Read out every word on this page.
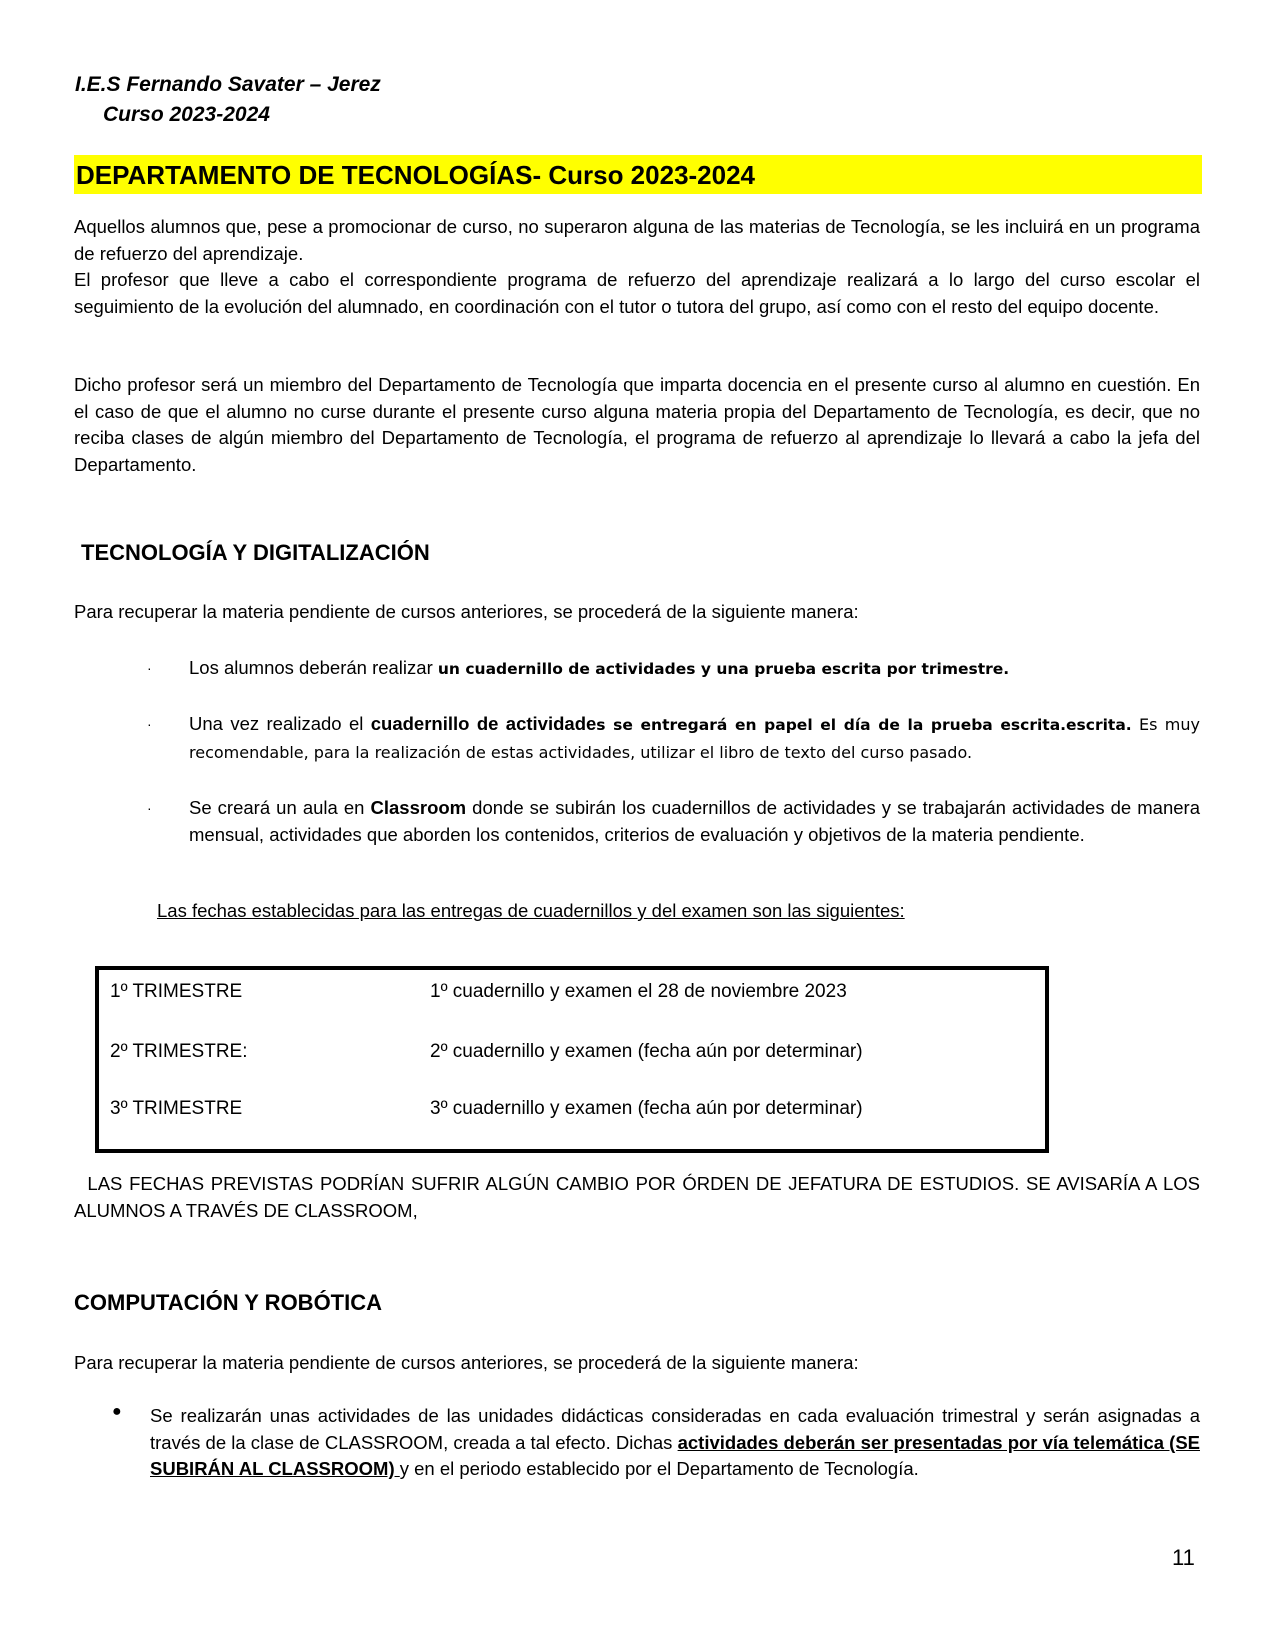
I.E.S Fernando Savater – Jerez
Curso 2023-2024
DEPARTAMENTO DE TECNOLOGÍAS- Curso 2023-2024

Aquellos alumnos que, pese a promocionar de curso, no superaron alguna de las materias de Tecnología, se les incluirá en un programa de refuerzo del aprendizaje.

El profesor que lleve a cabo el correspondiente programa de refuerzo del aprendizaje realizará a lo largo del curso escolar el seguimiento de la evolución del alumnado, en coordinación con el tutor o tutora del grupo, así como con el resto del equipo docente.

Dicho profesor será un miembro del Departamento de Tecnología que imparta docencia en el presente curso al alumno en cuestión. En el caso de que el alumno no curse durante el presente curso alguna materia propia del Departamento de Tecnología, es decir, que no reciba clases de algún miembro del Departamento de Tecnología, el programa de refuerzo al aprendizaje lo llevará a cabo la jefa del Departamento.

TECNOLOGÍA Y DIGITALIZACIÓN

Para recuperar la materia pendiente de cursos anteriores, se procederá de la siguiente manera:

· Los alumnos deberán realizar un cuadernillo de actividades y una prueba escrita por trimestre.

· Una vez realizado el cuadernillo de actividades se entregará en papel el día de la prueba escrita.escrita. Es muy recomendable, para la realización de estas actividades, utilizar el libro de texto del curso pasado.

· Se creará un aula en Classroom donde se subirán los cuadernillos de actividades y se trabajarán actividades de manera mensual, actividades que aborden los contenidos, criterios de evaluación y objetivos de la materia pendiente.

Las fechas establecidas para las entregas de cuadernillos y del examen son las siguientes:
1º TRIMESTRE	1º cuadernillo y examen el 28 de noviembre 2023
2º TRIMESTRE:	2º cuadernillo y examen (fecha aún por determinar)
3º TRIMESTRE	3º cuadernillo y examen (fecha aún por determinar)

LAS FECHAS PREVISTAS PODRÍAN SUFRIR ALGÚN CAMBIO POR ÓRDEN DE JEFATURA DE ESTUDIOS. SE AVISARÍA A LOS ALUMNOS A TRAVÉS DE CLASSROOM,

COMPUTACIÓN Y ROBÓTICA

Para recuperar la materia pendiente de cursos anteriores, se procederá de la siguiente manera:

● Se realizarán unas actividades de las unidades didácticas consideradas en cada evaluación trimestral y serán asignadas a través de la clase de CLASSROOM, creada a tal efecto. Dichas actividades deberán ser presentadas por vía telemática (SE SUBIRÁN AL CLASSROOM) y en el periodo establecido por el Departamento de Tecnología.

11
